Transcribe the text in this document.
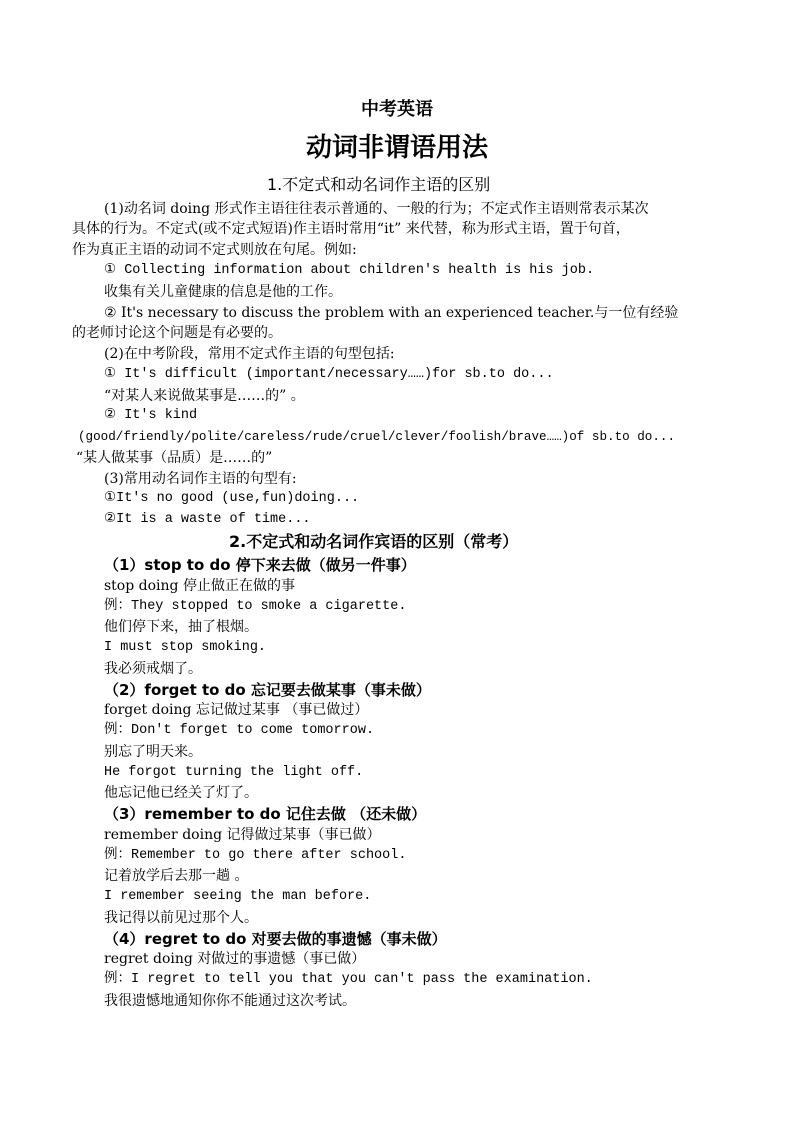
中考英语
动词非谓语用法
1.不定式和动名词作主语的区别
(1)动名词 doing 形式作主语往往表示普通的、一般的行为；不定式作主语则常表示某次
具体的行为。不定式(或不定式短语)作主语时常用“it” 来代替，称为形式主语，置于句首，
作为真正主语的动词不定式则放在句尾。例如:
① Collecting information about children's health is his job.
收集有关儿童健康的信息是他的工作。
② It's necessary to discuss the problem with an experienced teacher.与一位有经验
的老师讨论这个问题是有必要的。
(2)在中考阶段，常用不定式作主语的句型包括:
① It's difficult (important/necessary……)for sb.to do...
“对某人来说做某事是……的” 。
② It's kind
(good/friendly/polite/careless/rude/cruel/clever/foolish/brave……)of sb.to do...
“某人做某事（品质）是……的”
(3)常用动名词作主语的句型有:
①It's no good (use,fun)doing...
②It is a waste of time...
2.不定式和动名词作宾语的区别（常考）
（1）stop to do 停下来去做（做另一件事）
stop doing 停止做正在做的事
例：They stopped to smoke a cigarette.
他们停下来，抽了根烟。
I must stop smoking.
我必须戒烟了。
（2）forget to do 忘记要去做某事（事未做）
forget doing 忘记做过某事 （事已做过）
例：Don't forget to come tomorrow.
别忘了明天来。
He forgot turning the light off.
他忘记他已经关了灯了。
（3）remember to do 记住去做 （还未做）
remember doing 记得做过某事（事已做）
例：Remember to go there after school.
记着放学后去那一趟 。
I remember seeing the man before.
我记得以前见过那个人。
（4）regret to do 对要去做的事遗憾（事未做）
regret doing 对做过的事遗憾（事已做）
例：I regret to tell you that you can't pass the examination.
我很遗憾地通知你你不能通过这次考试。
